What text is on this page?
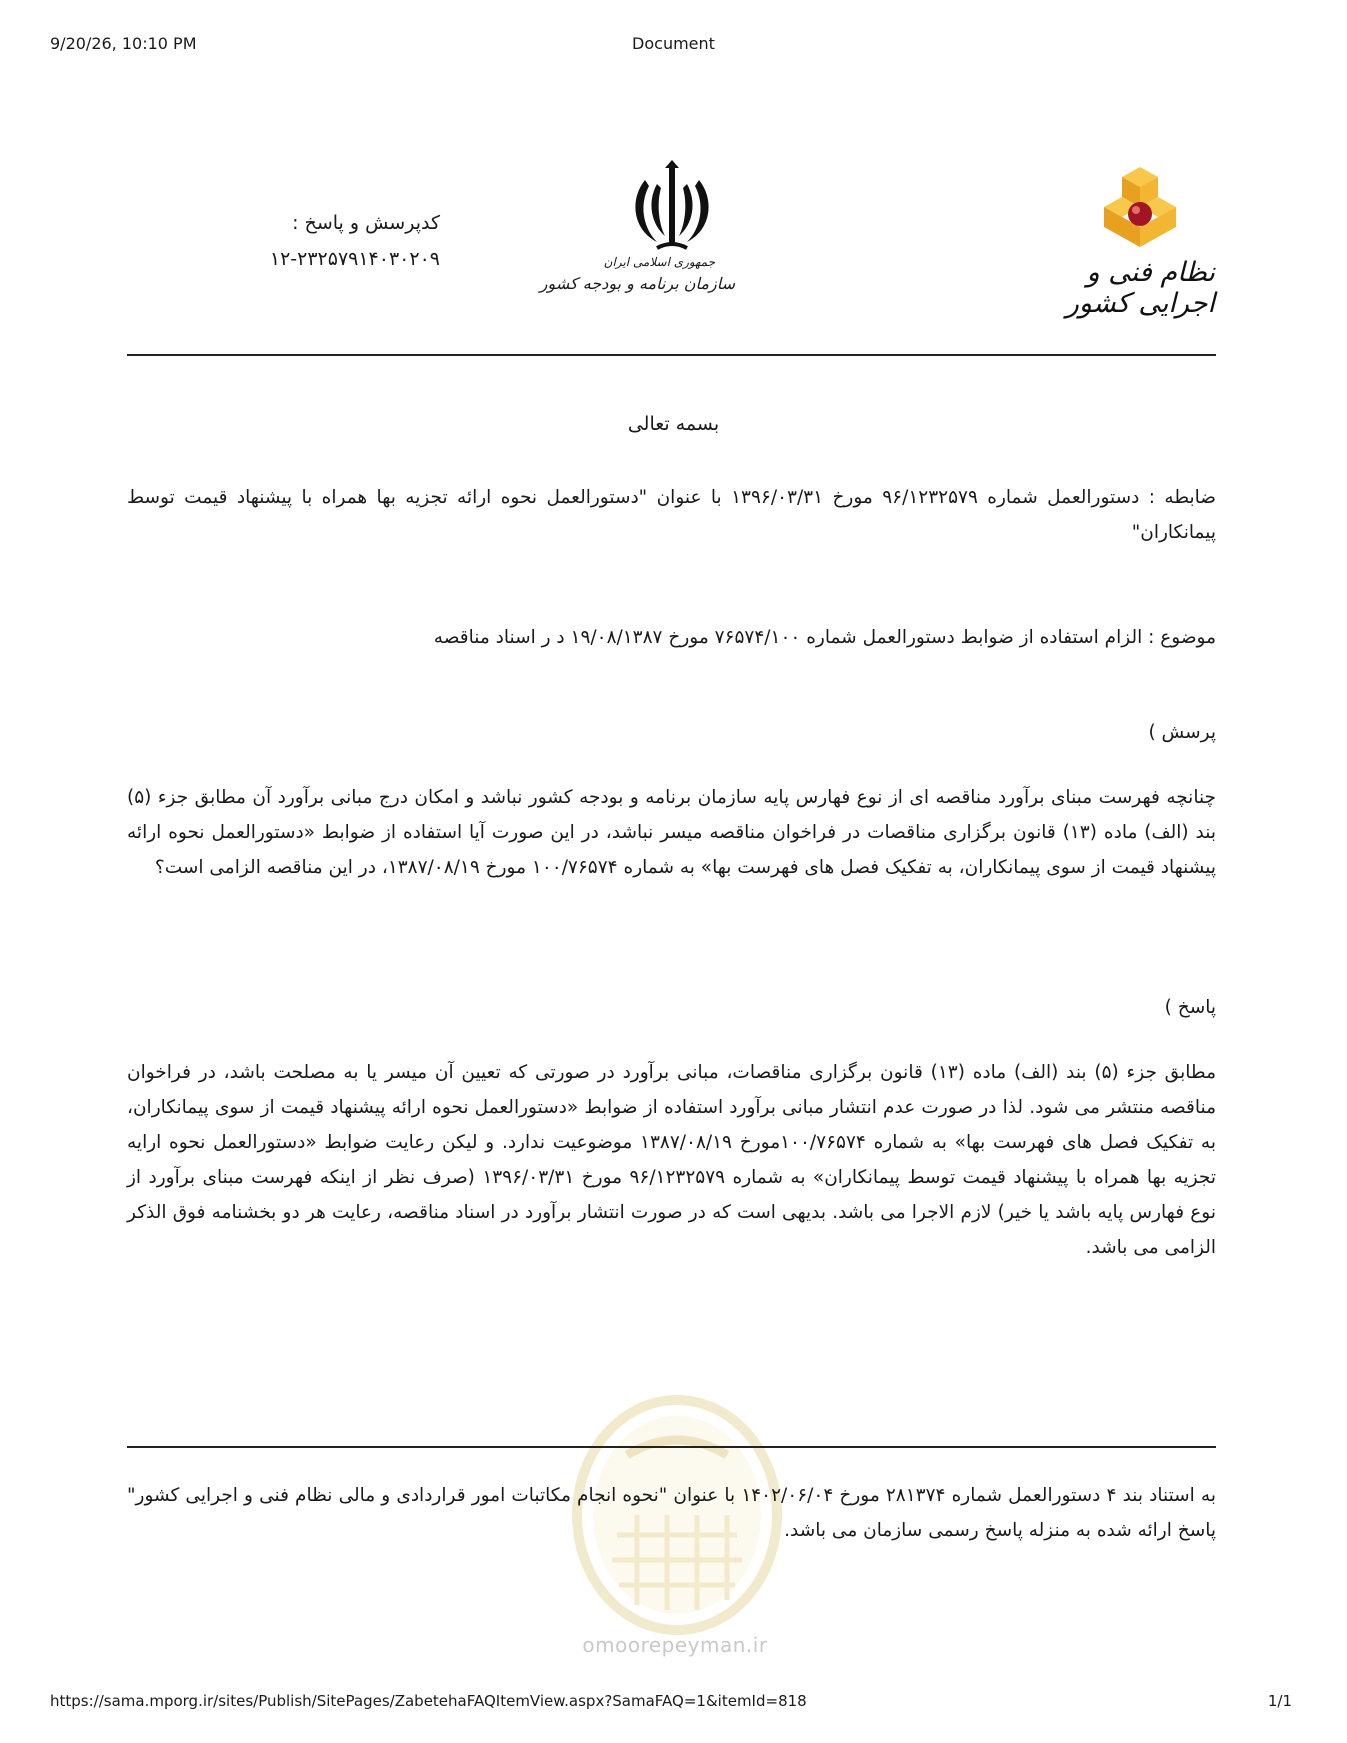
9/20/26, 10:10 PM	Document
نظام فنی و اجرایی کشور
جمهوری اسلامی ایران
سازمان برنامه و بودجه کشور
کدپرسش و پاسخ :
۱۲-۲۳۲۵۷۹۱۴۰۳۰۲۰۹
بسمه تعالی
ضابطه : دستورالعمل شماره ۹۶/۱۲۳۲۵۷۹ مورخ ۱۳۹۶/۰۳/۳۱ با عنوان "دستورالعمل نحوه ارائه تجزیه بها همراه با پیشنهاد قیمت توسط پیمانکاران"
موضوع : الزام استفاده از ضوابط دستورالعمل شماره ۷۶۵۷۴/۱۰۰ مورخ ۱۹/۰۸/۱۳۸۷ د ر اسناد مناقصه
پرسش )
چنانچه فهرست مبنای برآورد مناقصه ای از نوع فهارس پایه سازمان برنامه و بودجه کشور نباشد و امکان درج مبانی برآورد آن مطابق جزء (۵) بند (الف) ماده (۱۳) قانون برگزاری مناقصات در فراخوان مناقصه میسر نباشد، در این صورت آیا استفاده از ضوابط «دستورالعمل نحوه ارائه پیشنهاد قیمت از سوی پیمانکاران، به تفکیک فصل های فهرست بها» به شماره ۱۰۰/۷۶۵۷۴ مورخ ۱۳۸۷/۰۸/۱۹، در این مناقصه الزامی است؟
پاسخ )
مطابق جزء (۵) بند (الف) ماده (۱۳) قانون برگزاری مناقصات، مبانی برآورد در صورتی که تعیین آن میسر یا به مصلحت باشد، در فراخوان مناقصه منتشر می شود. لذا در صورت عدم انتشار مبانی برآورد استفاده از ضوابط «دستورالعمل نحوه ارائه پیشنهاد قیمت از سوی پیمانکاران، به تفکیک فصل های فهرست بها» به شماره ۱۰۰/۷۶۵۷۴مورخ ۱۳۸۷/۰۸/۱۹ موضوعیت ندارد. و لیکن رعایت ضوابط «دستورالعمل نحوه ارایه تجزیه بها همراه با پیشنهاد قیمت توسط پیمانکاران» به شماره ۹۶/۱۲۳۲۵۷۹ مورخ ۱۳۹۶/۰۳/۳۱ (صرف نظر از اینکه فهرست مبنای برآورد از نوع فهارس پایه باشد یا خیر) لازم الاجرا می باشد. بدیهی است که در صورت انتشار برآورد در اسناد مناقصه، رعایت هر دو بخشنامه فوق الذکر الزامی می باشد.
omoorepeyman.ir
به استناد بند ۴ دستورالعمل شماره ۲۸۱۳۷۴ مورخ ۱۴۰۲/۰۶/۰۴ با عنوان "نحوه انجام مکاتبات امور قراردادی و مالی نظام فنی و اجرایی کشور" پاسخ ارائه شده به منزله پاسخ رسمی سازمان می باشد.
https://sama.mporg.ir/sites/Publish/SitePages/ZabetehaFAQItemView.aspx?SamaFAQ=1&itemId=818	1/1
